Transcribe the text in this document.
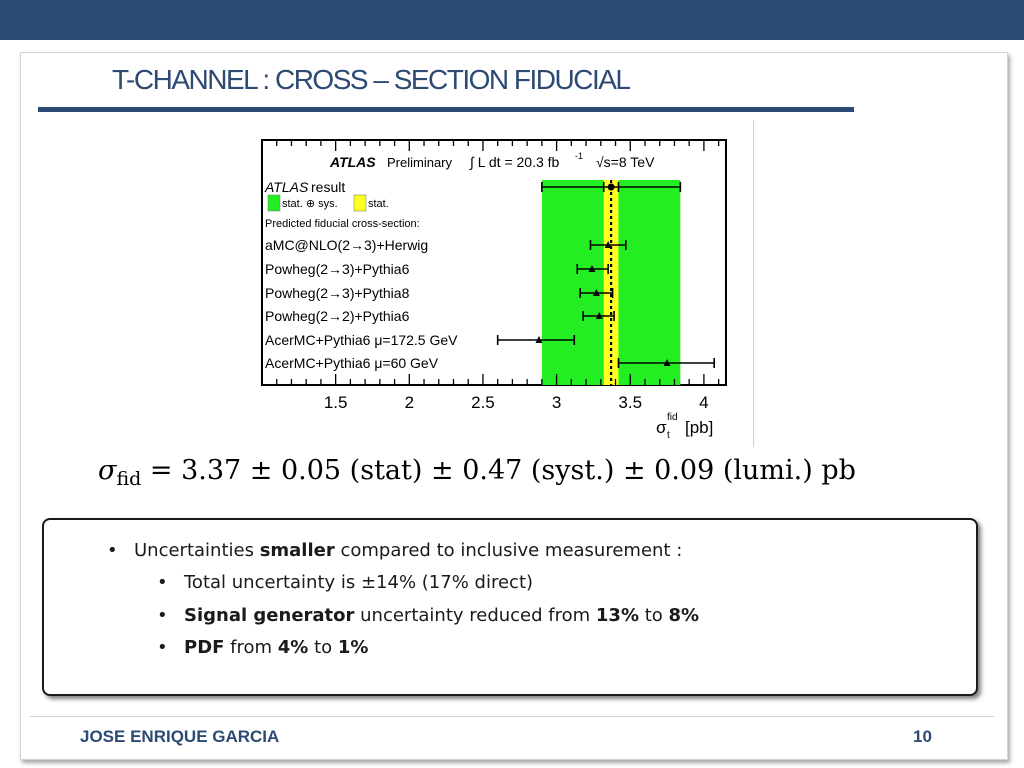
T-CHANNEL : CROSS – SECTION FIDUCIAL
ATLAS Preliminary ∫ L dt = 20.3 fb -1 √s=8 TeV
ATLAS result
stat. ⊕ sys.	stat.
Predicted fiducial cross-section:
aMC@NLO(2→3)+Herwig
Powheg(2→3)+Pythia6
Powheg(2→3)+Pythia8
Powheg(2→2)+Pythia6
AcerMC+Pythia6 μ=172.5 GeV
AcerMC+Pythia6 μ=60 GeV
1.5	2	2.5	3	3.5	4
σ
fid
t [pb]
$\sigma_{fid} = 3.37 \pm 0.05$ (stat) ± 0.47 (syst.) ± 0.09 (lumi.) pb
• Uncertainties smaller compared to inclusive measurement :
• Total uncertainty is ±14% (17% direct)
• Signal generator uncertainty reduced from 13% to 8%
• PDF from 4% to 1%
JOSE ENRIQUE GARCIA	10
